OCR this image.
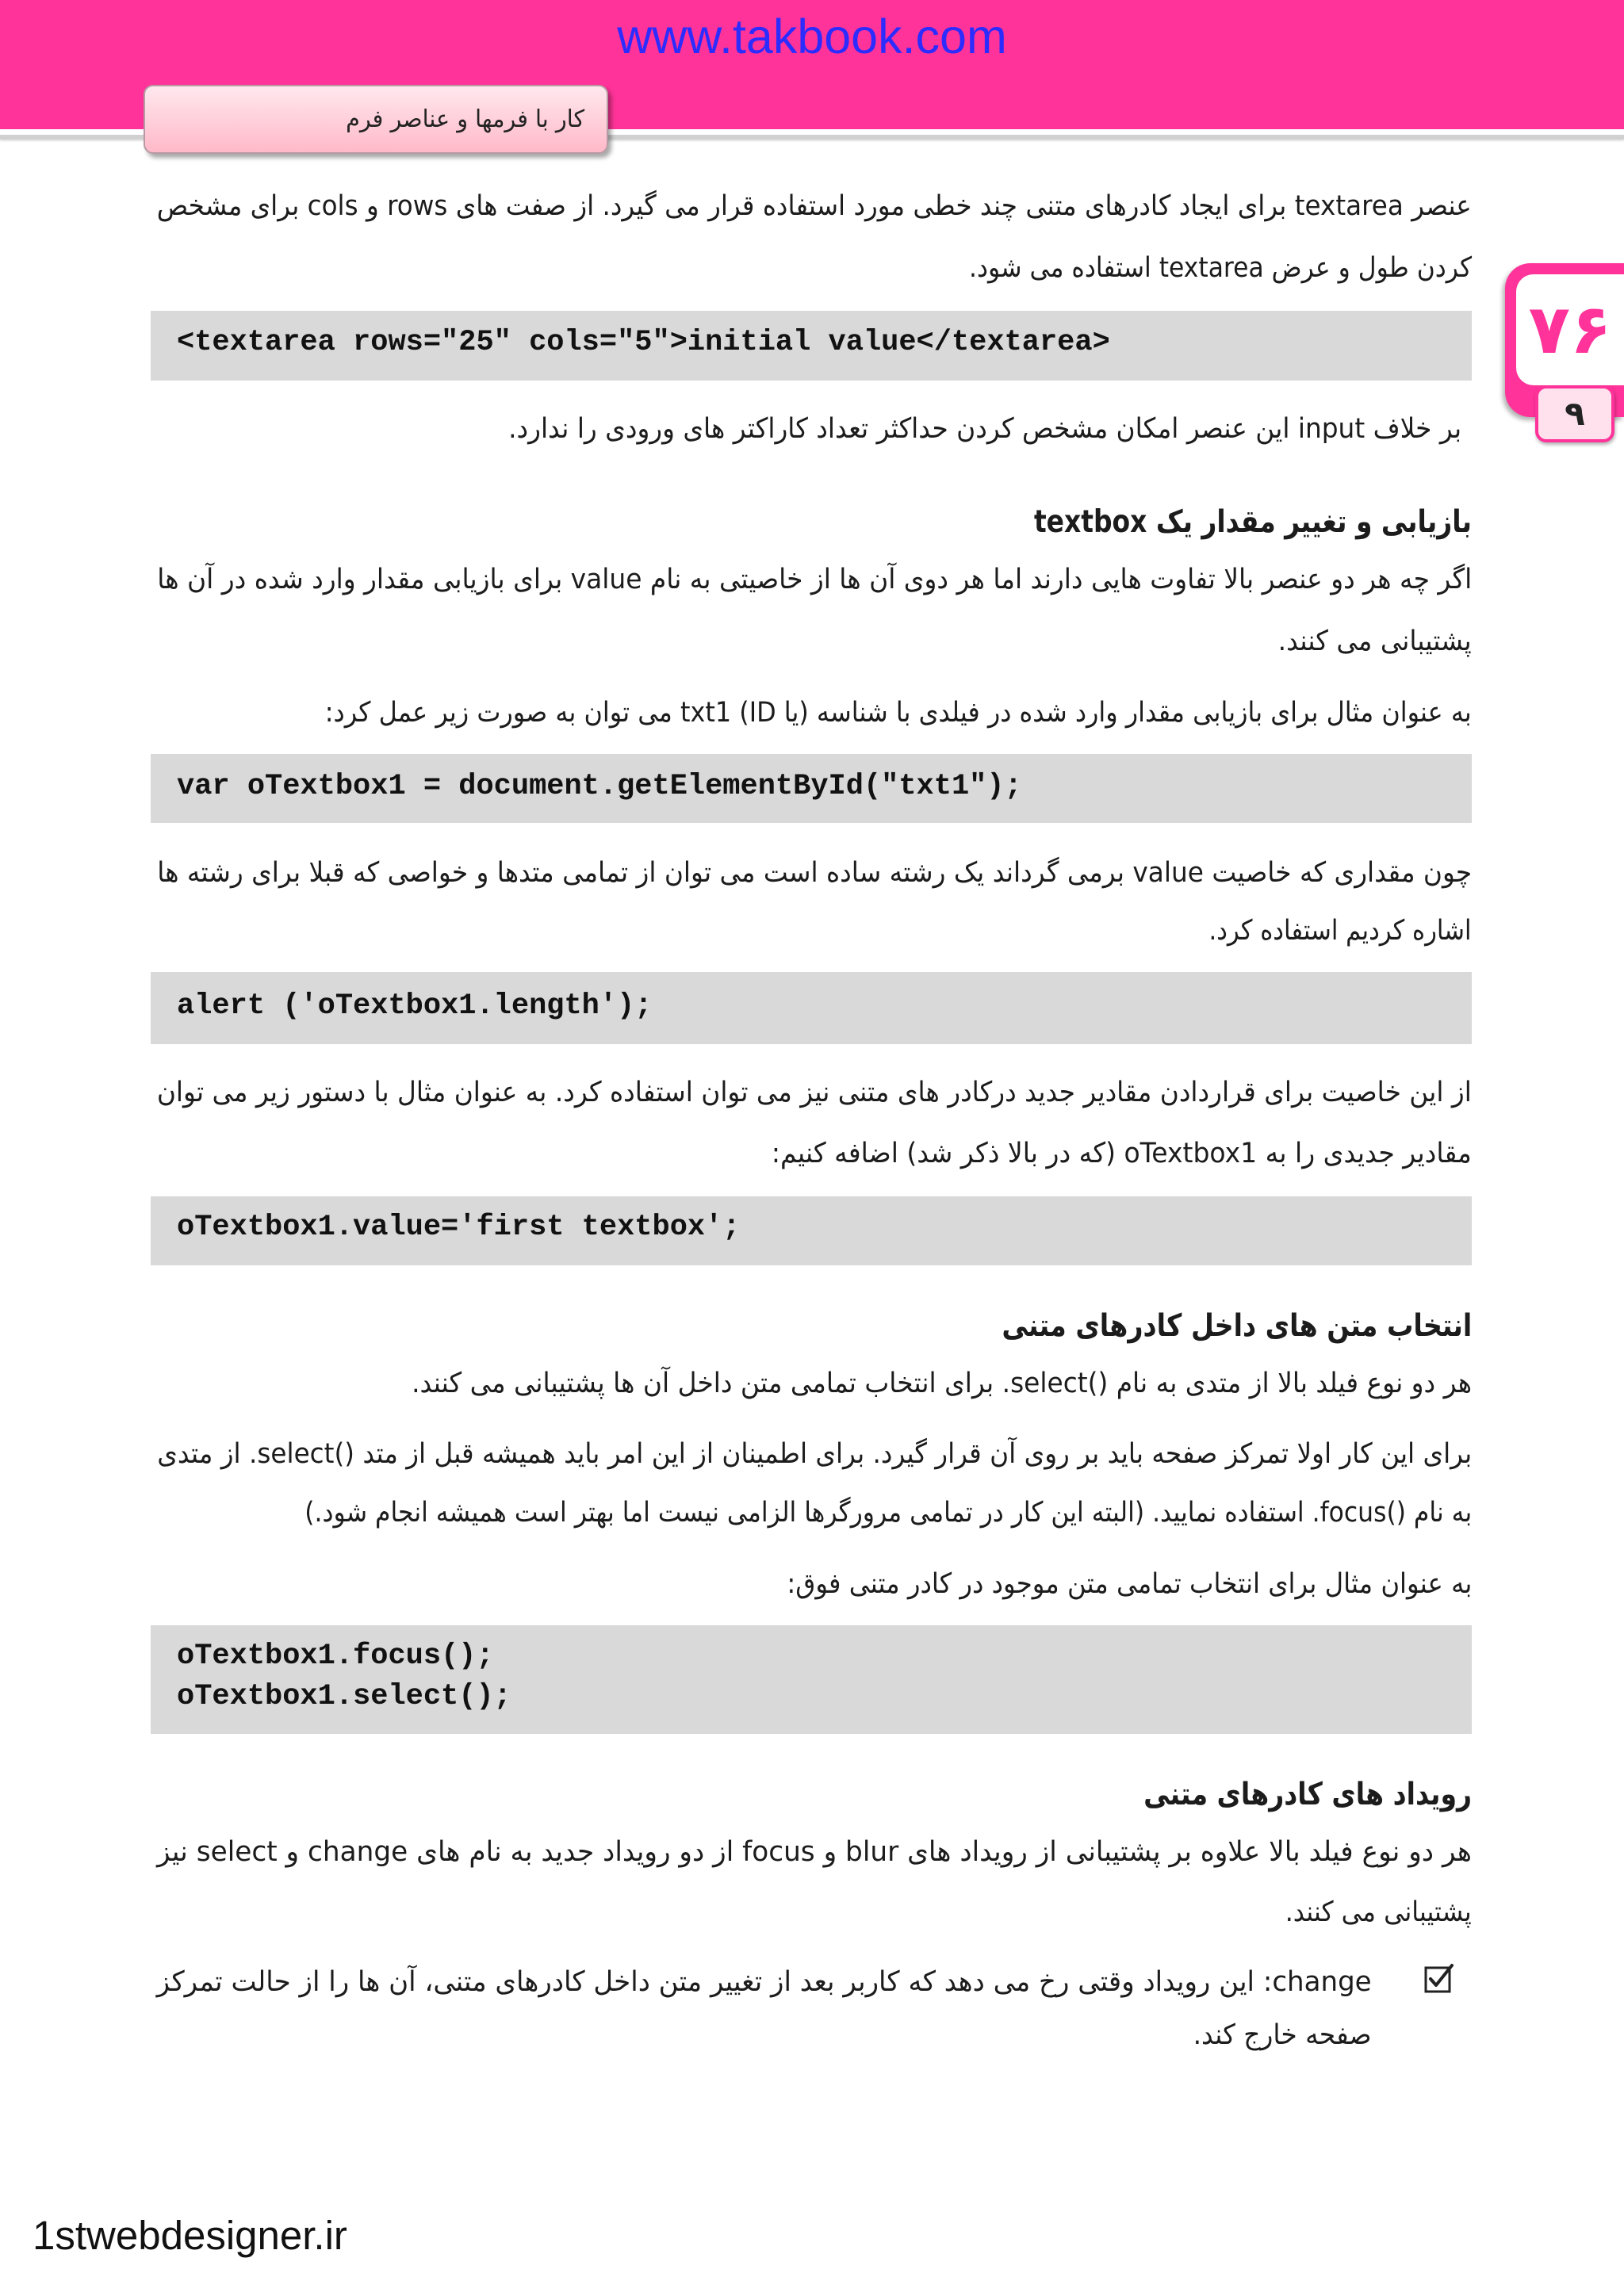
www.takbook.com
کار با فرمها و عناصر فرم
۷۶
۹
عنصر textarea برای ایجاد کادرهای متنی چند خطی مورد استفاده قرار می گیرد. از صفت های rows و cols برای مشخص
کردن طول و عرض textarea استفاده می شود.
<textarea rows="25" cols="5">initial value</textarea>
بر خلاف input این عنصر امکان مشخص کردن حداکثر تعداد کاراکتر های ورودی را ندارد.
بازیابی و تغییر مقدار یک textbox
اگر چه هر دو عنصر بالا تفاوت هایی دارند اما هر دوی آن ها از خاصیتی به نام value برای بازیابی مقدار وارد شده در آن ها
پشتیبانی می کنند.
به عنوان مثال برای بازیابی مقدار وارد شده در فیلدی با شناسه (یا ID) txt1 می توان به صورت زیر عمل کرد:
var oTextbox1 = document.getElementById("txt1");
چون مقداری که خاصیت value برمی گرداند یک رشته ساده است می توان از تمامی متدها و خواصی که قبلا برای رشته ها
اشاره کردیم استفاده کرد.
alert ('oTextbox1.length');
از این خاصیت برای قراردادن مقادیر جدید درکادر های متنی نیز می توان استفاده کرد. به عنوان مثال با دستور زیر می توان
مقادیر جدیدی را به oTextbox1 (که در بالا ذکر شد) اضافه کنیم:
oTextbox1.value='first textbox';
انتخاب متن های داخل کادرهای متنی
هر دو نوع فیلد بالا از متدی به نام ()select. برای انتخاب تمامی متن داخل آن ها پشتیبانی می کنند.
برای این کار اولا تمرکز صفحه باید بر روی آن قرار گیرد. برای اطمینان از این امر باید همیشه قبل از متد ()select. از متدی
به نام ()focus. استفاده نمایید. (البته این کار در تمامی مرورگرها الزامی نیست اما بهتر است همیشه انجام شود.)
به عنوان مثال برای انتخاب تمامی متن موجود در کادر متنی فوق:
oTextbox1.focus();
oTextbox1.select();
رویداد های کادرهای متنی
هر دو نوع فیلد بالا علاوه بر پشتیبانی از رویداد های blur و focus از دو رویداد جدید به نام های change و select نیز
پشتیبانی می کنند.
change: این رویداد وقتی رخ می دهد که کاربر بعد از تغییر متن داخل کادرهای متنی، آن ها را از حالت تمرکز
صفحه خارج کند.
1stwebdesigner.ir
